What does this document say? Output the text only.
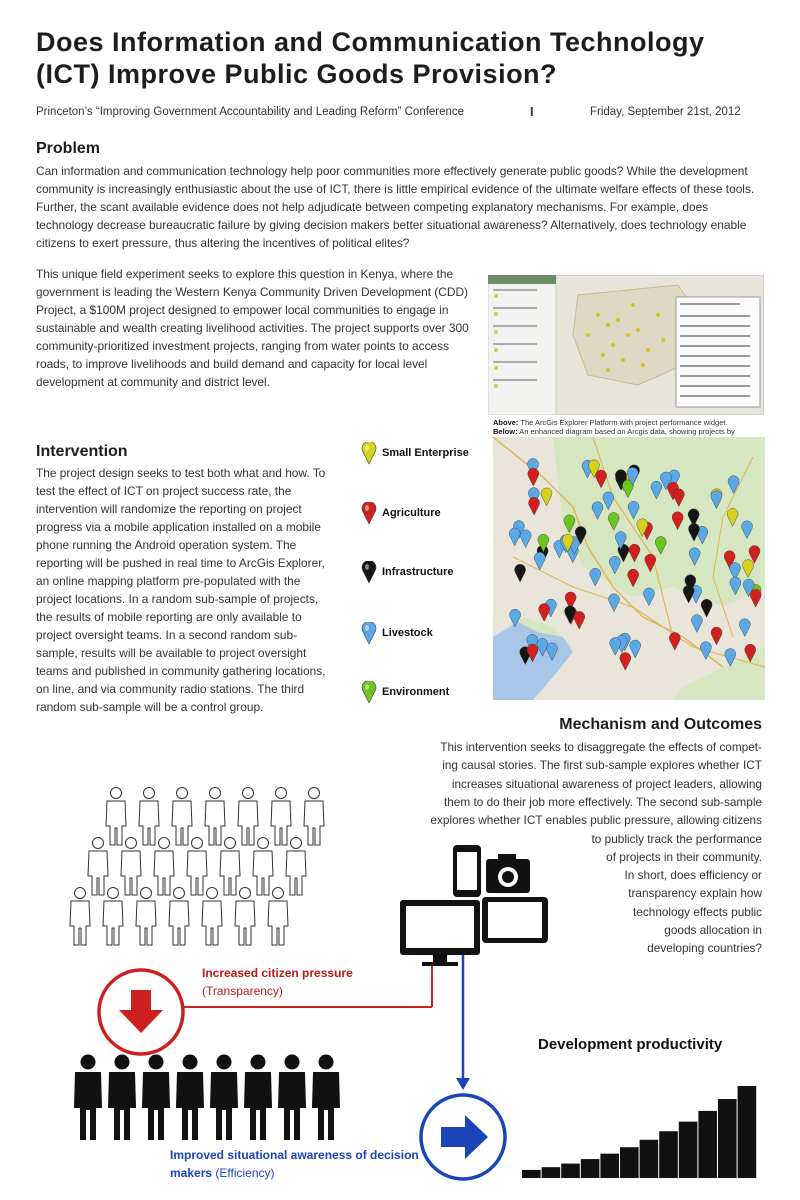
Does Information and Communication Technology (ICT) Improve Public Goods Provision?
Princeton’s “Improving Government Accountability and Leading Reform” Conference	I	Friday, September 21st, 2012
Problem
Can information and communication technology help poor communities more effectively generate public goods? While the development community is increasingly enthusiastic about the use of ICT, there is little empirical evidence of the ultimate welfare effects of these tools. Further, the scant available evidence does not help adjudicate between competing explanatory mechanisms. For example, does technology decrease bureaucratic failure by giving decision makers better situational awareness? Alternatively, does technology enable citizens to exert pressure, thus altering the incentives of political elites?
This unique field experiment seeks to explore this question in Kenya, where the government is leading the Western Kenya Community Driven Development (CDD) Project, a $100M project designed to empower local communities to engage in sustainable and wealth creating livelihood activities. The project supports over 300 community-prioritized investment projects, ranging from water points to access roads, to improve livelihoods and build demand and capacity for local level development at community and district level.
Above: The ArcGis Explorer Platform with project performance widget.
Below: An enhanced diagram based on Arcgis data, showing projects by
Small Enterprise
Agriculture
Infrastructure
Livestock
Environment
Intervention
The project design seeks to test both what and how. To test the effect of ICT on project success rate, the intervention will randomize the reporting on project progress via a mobile application installed on a mobile phone running the Android operation system. The reporting will be pushed in real time to ArcGis Explorer, an online mapping platform pre-populated with the project locations. In a random sub-sample of projects, the results of mobile reporting are only available to project oversight teams. In a second random sub-sample, results will be available to project oversight teams and published in community gathering locations, on line, and via community radio stations. The third random sub-sample will be a control group.
Mechanism and Outcomes
This intervention seeks to disaggregate the effects of compet-
ing causal stories. The first sub-sample explores whether ICT
increases situational awareness of project leaders, allowing
them to do their job more effectively. The second sub-sample
explores whether ICT enables public pressure, allowing citizens
to publicly track the performance
of projects in their community.
In short, does efficiency or
transparency explain how
technology effects public
goods allocation in
developing countries?
Increased citizen pressure
(Transparency)
Improved situational awareness of decision makers (Efficiency)
Development productivity
